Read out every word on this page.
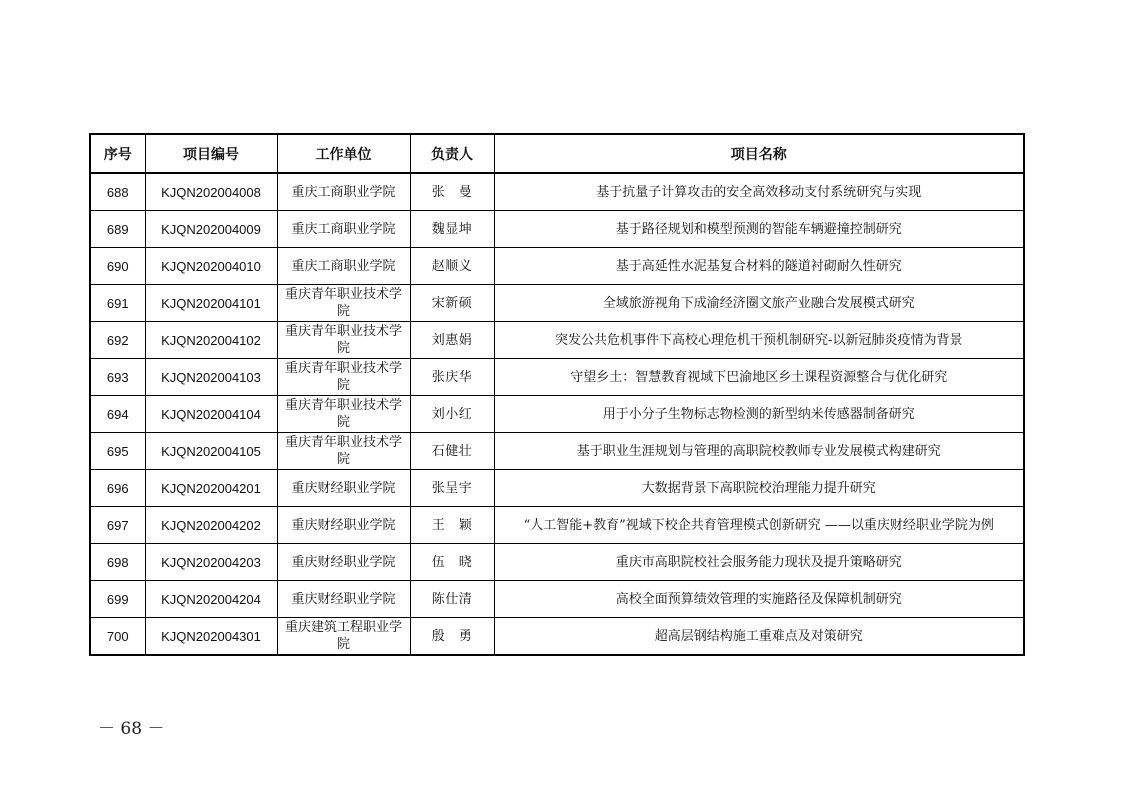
序号	项目编号	工作单位	负责人	项目名称
688	KJQN202004008	重庆工商职业学院	张　曼	基于抗量子计算攻击的安全高效移动支付系统研究与实现
689	KJQN202004009	重庆工商职业学院	魏显坤	基于路径规划和模型预测的智能车辆避撞控制研究
690	KJQN202004010	重庆工商职业学院	赵顺义	基于高延性水泥基复合材料的隧道衬砌耐久性研究
691	KJQN202004101	重庆青年职业技术学院	宋新硕	全域旅游视角下成渝经济圈文旅产业融合发展模式研究
692	KJQN202004102	重庆青年职业技术学院	刘惠娟	突发公共危机事件下高校心理危机干预机制研究-以新冠肺炎疫情为背景
693	KJQN202004103	重庆青年职业技术学院	张庆华	守望乡土：智慧教育视域下巴渝地区乡土课程资源整合与优化研究
694	KJQN202004104	重庆青年职业技术学院	刘小红	用于小分子生物标志物检测的新型纳米传感器制备研究
695	KJQN202004105	重庆青年职业技术学院	石健壮	基于职业生涯规划与管理的高职院校教师专业发展模式构建研究
696	KJQN202004201	重庆财经职业学院	张呈宇	大数据背景下高职院校治理能力提升研究
697	KJQN202004202	重庆财经职业学院	王　颖	“人工智能+教育”视域下校企共育管理模式创新研究 ——以重庆财经职业学院为例
698	KJQN202004203	重庆财经职业学院	伍　晓	重庆市高职院校社会服务能力现状及提升策略研究
699	KJQN202004204	重庆财经职业学院	陈仕清	高校全面预算绩效管理的实施路径及保障机制研究
700	KJQN202004301	重庆建筑工程职业学院	殷　勇	超高层钢结构施工重难点及对策研究
－ 68 －
